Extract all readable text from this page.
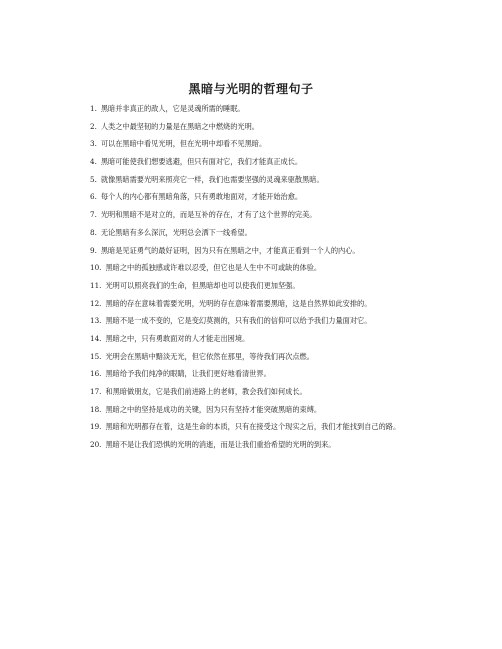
黑暗与光明的哲理句子

1. 黑暗并非真正的敌人，它是灵魂所需的睡眠。

2. 人类之中最坚韧的力量是在黑暗之中燃烧的光明。

3. 可以在黑暗中看见光明，但在光明中却看不见黑暗。

4. 黑暗可能使我们想要逃避，但只有面对它，我们才能真正成长。

5. 就像黑暗需要光明来照亮它一样，我们也需要坚强的灵魂来驱散黑暗。

6. 每个人的内心都有黑暗角落，只有勇敢地面对，才能开始治愈。

7. 光明和黑暗不是对立的，而是互补的存在，才有了这个世界的完美。

8. 无论黑暗有多么深沉，光明总会洒下一线希望。

9. 黑暗是见证勇气的最好证明，因为只有在黑暗之中，才能真正看到一个人的内心。

10. 黑暗之中的孤独感或许难以忍受，但它也是人生中不可或缺的体验。

11. 光明可以照亮我们的生命，但黑暗却也可以使我们更加坚强。

12. 黑暗的存在意味着需要光明，光明的存在意味着需要黑暗，这是自然界如此安排的。

13. 黑暗不是一成不变的，它是变幻莫测的，只有我们的信仰可以给予我们力量面对它。

14. 黑暗之中，只有勇敢面对的人才能走出困境。

15. 光明会在黑暗中黯淡无光，但它依然在那里，等待我们再次点燃。

16. 黑暗给予我们纯净的眼睛，让我们更好地看清世界。

17. 和黑暗做朋友，它是我们前进路上的老师，教会我们如何成长。

18. 黑暗之中的坚持是成功的关键，因为只有坚持才能突破黑暗的束缚。

19. 黑暗和光明都存在着，这是生命的本质，只有在接受这个现实之后，我们才能找到自己的路。

20. 黑暗不是让我们恐惧的光明的消逝，而是让我们重拾希望的光明的到来。
